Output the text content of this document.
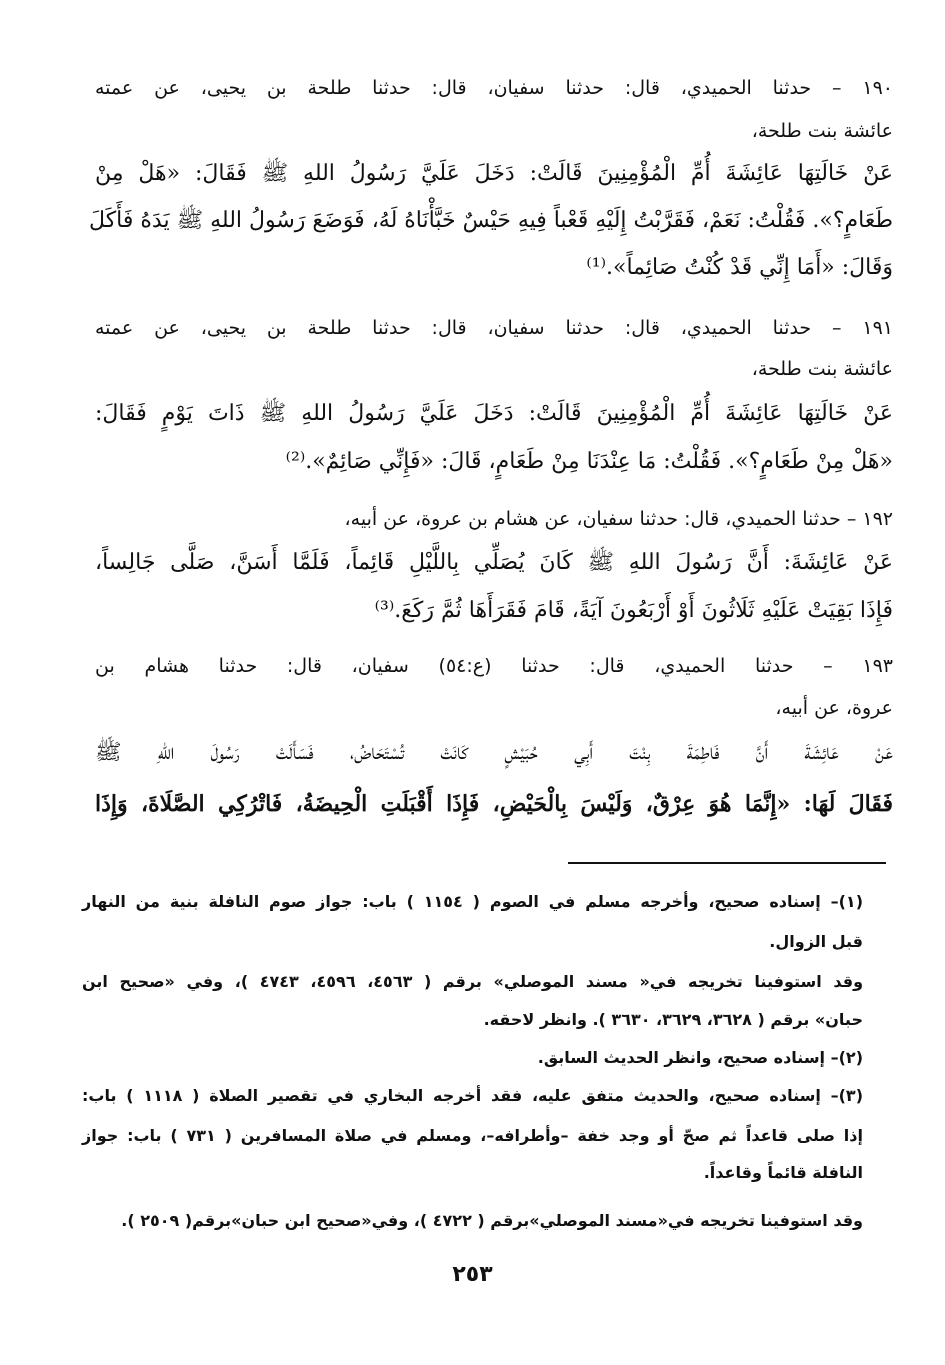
١٩٠ – حدثنا الحميدي، قال: حدثنا سفيان، قال: حدثنا طلحة بن يحيى، عن عمته
عائشة بنت طلحة،
عَنْ خَالَتِهَا عَائِشَةَ أُمِّ الْمُؤْمِنِينَ قَالَتْ: دَخَلَ عَلَيَّ رَسُولُ اللهِ ﷺ فَقَالَ: «هَلْ مِنْ
طَعَامٍ؟». فَقُلْتُ: نَعَمْ، فَقَرَّبْتُ إِلَيْهِ قَعْباً فِيهِ حَيْسٌ خَبَّأْنَاهُ لَهُ، فَوَضَعَ رَسُولُ اللهِ ﷺ يَدَهُ فَأَكَلَ
وَقَالَ: «أَمَا إِنِّي قَدْ كُنْتُ صَائِماً».⁽¹⁾
١٩١ – حدثنا الحميدي، قال: حدثنا سفيان، قال: حدثنا طلحة بن يحيى، عن عمته
عائشة بنت طلحة،
عَنْ خَالَتِهَا عَائِشَةَ أُمِّ الْمُؤْمِنِينَ قَالَتْ: دَخَلَ عَلَيَّ رَسُولُ اللهِ ﷺ ذَاتَ يَوْمٍ فَقَالَ:
«هَلْ مِنْ طَعَامٍ؟». فَقُلْتُ: مَا عِنْدَنَا مِنْ طَعَامٍ، قَالَ: «فَإِنِّي صَائِمٌ».⁽²⁾
١٩٢ – حدثنا الحميدي، قال: حدثنا سفيان، عن هشام بن عروة، عن أبيه،
عَنْ عَائِشَةَ: أَنَّ رَسُولَ اللهِ ﷺ كَانَ يُصَلِّي بِاللَّيْلِ قَائِماً، فَلَمَّا أَسَنَّ، صَلَّى جَالِساً،
فَإِذَا بَقِيَتْ عَلَيْهِ ثَلَاثُونَ أَوْ أَرْبَعُونَ آيَةً، قَامَ فَقَرَأَهَا ثُمَّ رَكَعَ.⁽³⁾
١٩٣ – حدثنا الحميدي، قال: حدثنا (ع:٥٤) سفيان، قال: حدثنا هشام بن
عروة، عن أبيه،
عَنْ عَائِشَةَ أَنَّ فَاطِمَةَ بِنْتَ أَبِي حُبَيْشٍ كَانَتْ تُسْتَحَاضُ، فَسَأَلَتْ رَسُولَ اللهِ ﷺ
فَقَالَ لَهَا: «إِنَّمَا هُوَ عِرْقٌ، وَلَيْسَ بِالْحَيْضِ، فَإِذَا أَقْبَلَتِ الْحِيضَةُ، فَاتْرُكِي الصَّلَاةَ، وَإِذَا
(١)– إسناده صحيح، وأخرجه مسلم في الصوم ( ١١٥٤ ) باب: جواز صوم النافلة بنية من النهار
قبل الزوال.
وقد استوفينا تخريجه في« مسند الموصلي» برقم ( ٤٥٦٣، ٤٥٩٦، ٤٧٤٣ )، وفي «صحيح ابن
حبان» برقم ( ٣٦٢٨، ٣٦٢٩، ٣٦٣٠ ). وانظر لاحقه.
(٢)– إسناده صحيح، وانظر الحديث السابق.
(٣)– إسناده صحيح، والحديث متفق عليه، فقد أخرجه البخاري في تقصير الصلاة ( ١١١٨ ) باب:
إذا صلى قاعداً ثم صحّ أو وجد خفة –وأطرافه–، ومسلم في صلاة المسافرين ( ٧٣١ ) باب: جواز
النافلة قائماً وقاعداً.
وقد استوفينا تخريجه في«مسند الموصلي»برقم ( ٤٧٢٢ )، وفي«صحيح ابن حبان»برقم( ٢٥٠٩ ).
٢٥٣
